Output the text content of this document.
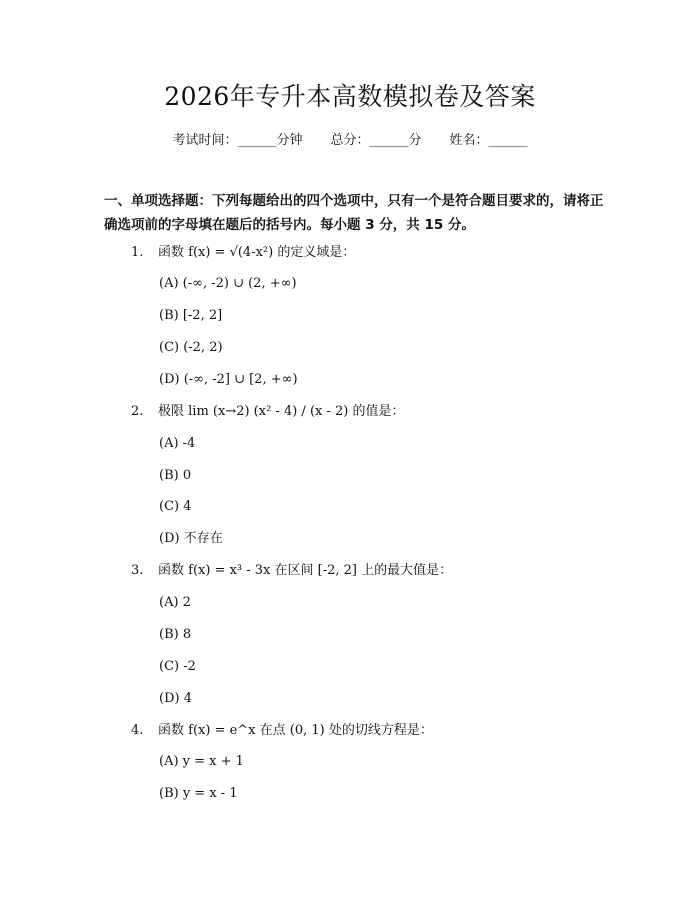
2026年专升本高数模拟卷及答案
考试时间：______分钟 总分：______分 姓名：______
一、单项选择题：下列每题给出的四个选项中，只有一个是符合题目要求的，请将正确选项前的字母填在题后的括号内。每小题 3 分，共 15 分。
1. 函数 f(x) = √(4-x²) 的定义域是：
(A) (-∞, -2) ∪ (2, +∞)
(B) [-2, 2]
(C) (-2, 2)
(D) (-∞, -2] ∪ [2, +∞)
2. 极限 lim (x→2) (x² - 4) / (x - 2) 的值是：
(A) -4
(B) 0
(C) 4
(D) 不存在
3. 函数 f(x) = x³ - 3x 在区间 [-2, 2] 上的最大值是：
(A) 2
(B) 8
(C) -2
(D) 4
4. 函数 f(x) = e^x 在点 (0, 1) 处的切线方程是：
(A) y = x + 1
(B) y = x - 1
